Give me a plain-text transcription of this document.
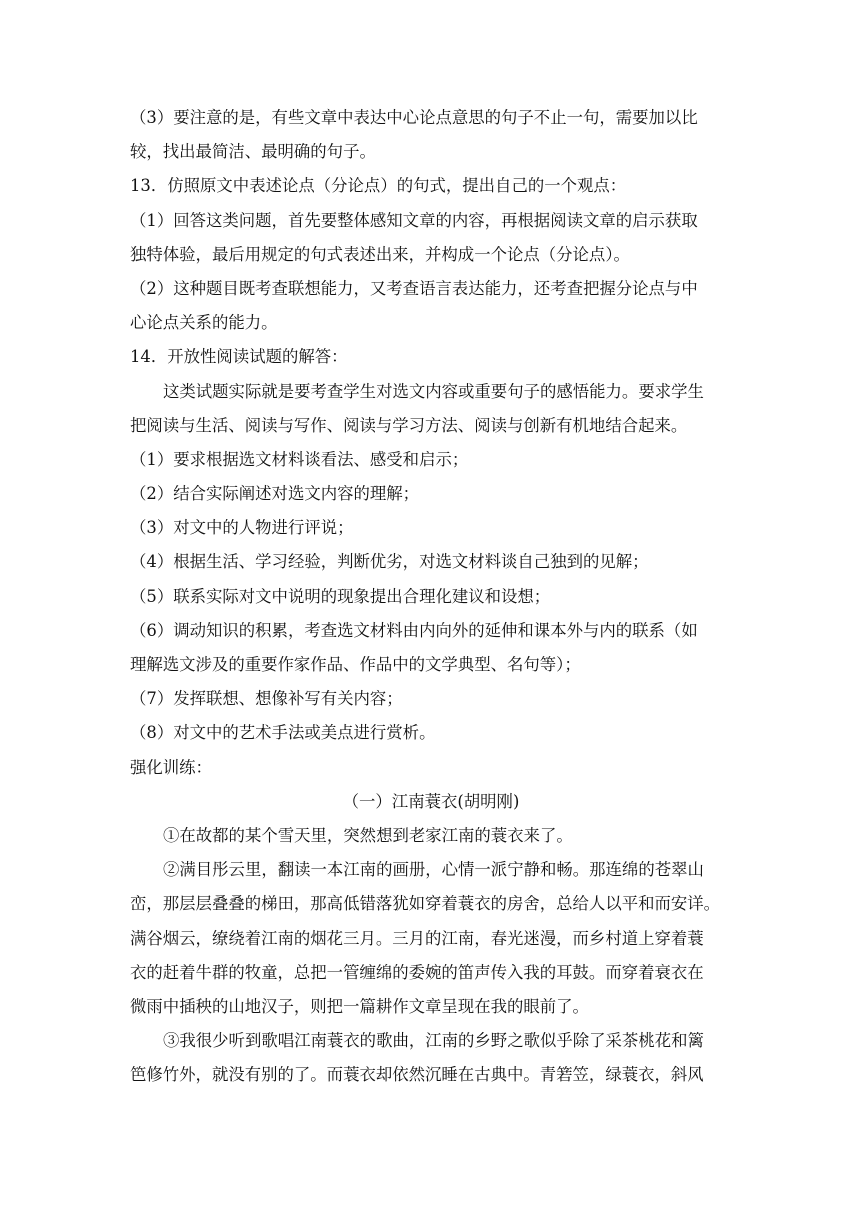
（3）要注意的是，有些文章中表达中心论点意思的句子不止一句，需要加以比
较，找出最简洁、最明确的句子。
13．仿照原文中表述论点（分论点）的句式，提出自己的一个观点：
（1）回答这类问题，首先要整体感知文章的内容，再根据阅读文章的启示获取
独特体验，最后用规定的句式表述出来，并构成一个论点（分论点）。
（2）这种题目既考查联想能力，又考查语言表达能力，还考查把握分论点与中
心论点关系的能力。
14．开放性阅读试题的解答：
这类试题实际就是要考查学生对选文内容或重要句子的感悟能力。要求学生
把阅读与生活、阅读与写作、阅读与学习方法、阅读与创新有机地结合起来。
（1）要求根据选文材料谈看法、感受和启示；
（2）结合实际阐述对选文内容的理解；
（3）对文中的人物进行评说；
（4）根据生活、学习经验，判断优劣，对选文材料谈自己独到的见解；
（5）联系实际对文中说明的现象提出合理化建议和设想；
（6）调动知识的积累，考查选文材料由内向外的延伸和课本外与内的联系（如
理解选文涉及的重要作家作品、作品中的文学典型、名句等）；
（7）发挥联想、想像补写有关内容；
（8）对文中的艺术手法或美点进行赏析。
强化训练：
（一）江南蓑衣(胡明刚)
①在故都的某个雪天里，突然想到老家江南的蓑衣来了。
②满目彤云里，翻读一本江南的画册，心情一派宁静和畅。那连绵的苍翠山
峦，那层层叠叠的梯田，那高低错落犹如穿着蓑衣的房舍，总给人以平和而安详。
满谷烟云，缭绕着江南的烟花三月。三月的江南，春光迷漫，而乡村道上穿着蓑
衣的赶着牛群的牧童，总把一管缠绵的委婉的笛声传入我的耳鼓。而穿着衰衣在
微雨中插秧的山地汉子，则把一篇耕作文章呈现在我的眼前了。
③我很少听到歌唱江南蓑衣的歌曲，江南的乡野之歌似乎除了采茶桃花和篱
笆修竹外，就没有别的了。而蓑衣却依然沉睡在古典中。青箬笠，绿蓑衣，斜风
